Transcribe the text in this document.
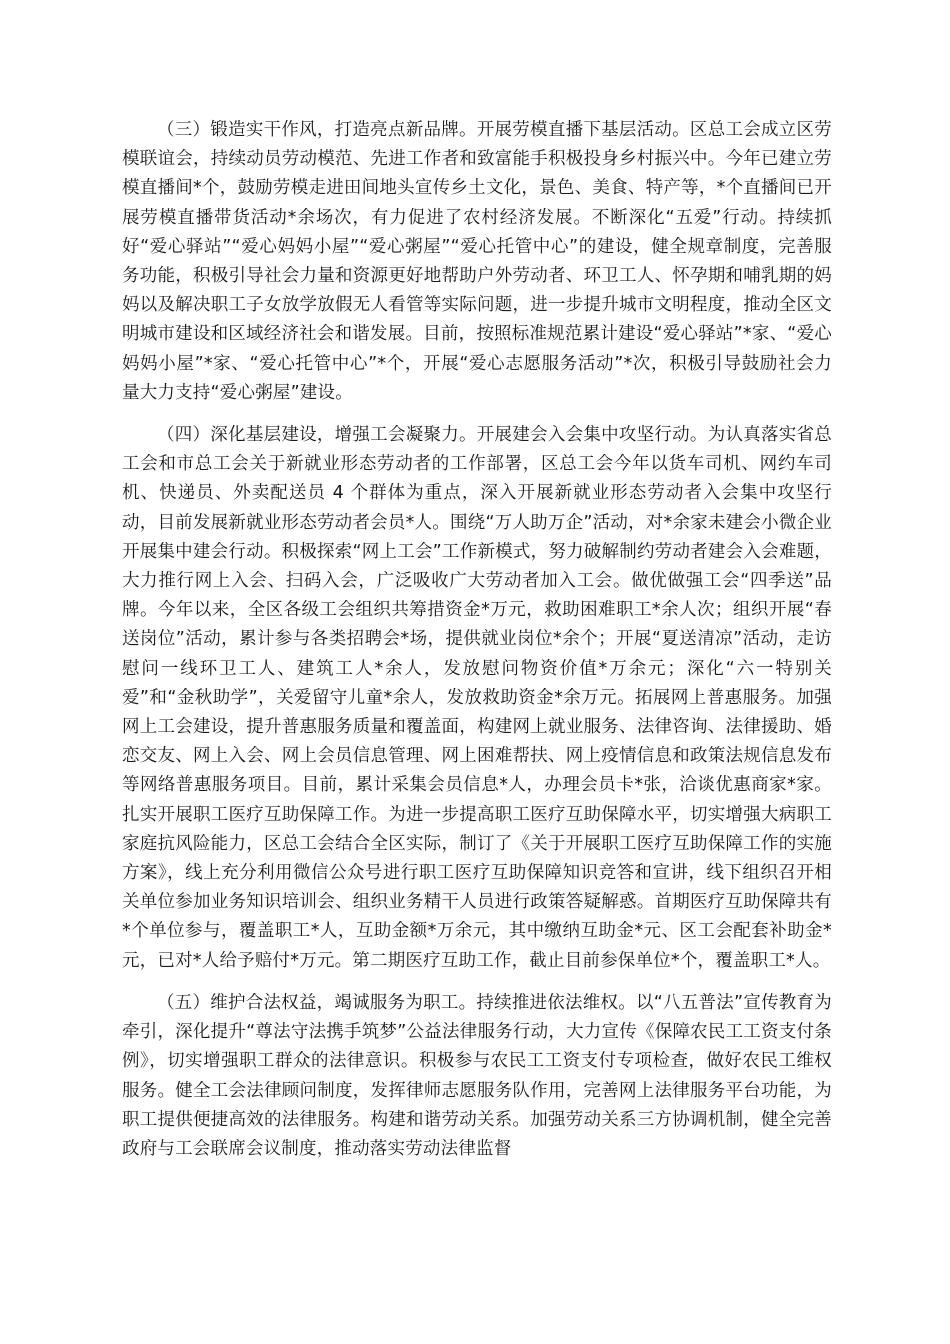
（三）锻造实干作风，打造亮点新品牌。开展劳模直播下基层活动。区总工会成立区劳模联谊会，持续动员劳动模范、先进工作者和致富能手积极投身乡村振兴中。今年已建立劳模直播间*个，鼓励劳模走进田间地头宣传乡土文化，景色、美食、特产等，*个直播间已开展劳模直播带货活动*余场次，有力促进了农村经济发展。不断深化“五爱”行动。持续抓好“爱心驿站”“爱心妈妈小屋”“爱心粥屋”“爱心托管中心”的建设，健全规章制度，完善服务功能，积极引导社会力量和资源更好地帮助户外劳动者、环卫工人、怀孕期和哺乳期的妈妈以及解决职工子女放学放假无人看管等实际问题，进一步提升城市文明程度，推动全区文明城市建设和区域经济社会和谐发展。目前，按照标准规范累计建设“爱心驿站”*家、“爱心妈妈小屋”*家、“爱心托管中心”*个，开展“爱心志愿服务活动”*次，积极引导鼓励社会力量大力支持“爱心粥屋”建设。

（四）深化基层建设，增强工会凝聚力。开展建会入会集中攻坚行动。为认真落实省总工会和市总工会关于新就业形态劳动者的工作部署，区总工会今年以货车司机、网约车司机、快递员、外卖配送员 4 个群体为重点，深入开展新就业形态劳动者入会集中攻坚行动，目前发展新就业形态劳动者会员*人。围绕“万人助万企”活动，对*余家未建会小微企业开展集中建会行动。积极探索“网上工会”工作新模式，努力破解制约劳动者建会入会难题，大力推行网上入会、扫码入会，广泛吸收广大劳动者加入工会。做优做强工会“四季送”品牌。今年以来，全区各级工会组织共筹措资金*万元，救助困难职工*余人次；组织开展“春送岗位”活动，累计参与各类招聘会*场，提供就业岗位*余个；开展“夏送清凉”活动，走访慰问一线环卫工人、建筑工人*余人，发放慰问物资价值*万余元；深化“六一特别关爱”和“金秋助学”，关爱留守儿童*余人，发放救助资金*余万元。拓展网上普惠服务。加强网上工会建设，提升普惠服务质量和覆盖面，构建网上就业服务、法律咨询、法律援助、婚恋交友、网上入会、网上会员信息管理、网上困难帮扶、网上疫情信息和政策法规信息发布等网络普惠服务项目。目前，累计采集会员信息*人，办理会员卡*张，洽谈优惠商家*家。扎实开展职工医疗互助保障工作。为进一步提高职工医疗互助保障水平，切实增强大病职工家庭抗风险能力，区总工会结合全区实际，制订了《关于开展职工医疗互助保障工作的实施方案》，线上充分利用微信公众号进行职工医疗互助保障知识竞答和宣讲，线下组织召开相关单位参加业务知识培训会、组织业务精干人员进行政策答疑解惑。首期医疗互助保障共有*个单位参与，覆盖职工*人，互助金额*万余元，其中缴纳互助金*元、区工会配套补助金*元，已对*人给予赔付*万元。第二期医疗互助工作，截止目前参保单位*个，覆盖职工*人。

（五）维护合法权益，竭诚服务为职工。持续推进依法维权。以“八五普法”宣传教育为牵引，深化提升“尊法守法携手筑梦”公益法律服务行动，大力宣传《保障农民工工资支付条例》，切实增强职工群众的法律意识。积极参与农民工工资支付专项检查，做好农民工维权服务。健全工会法律顾问制度，发挥律师志愿服务队作用，完善网上法律服务平台功能，为职工提供便捷高效的法律服务。构建和谐劳动关系。加强劳动关系三方协调机制，健全完善政府与工会联席会议制度，推动落实劳动法律监督
